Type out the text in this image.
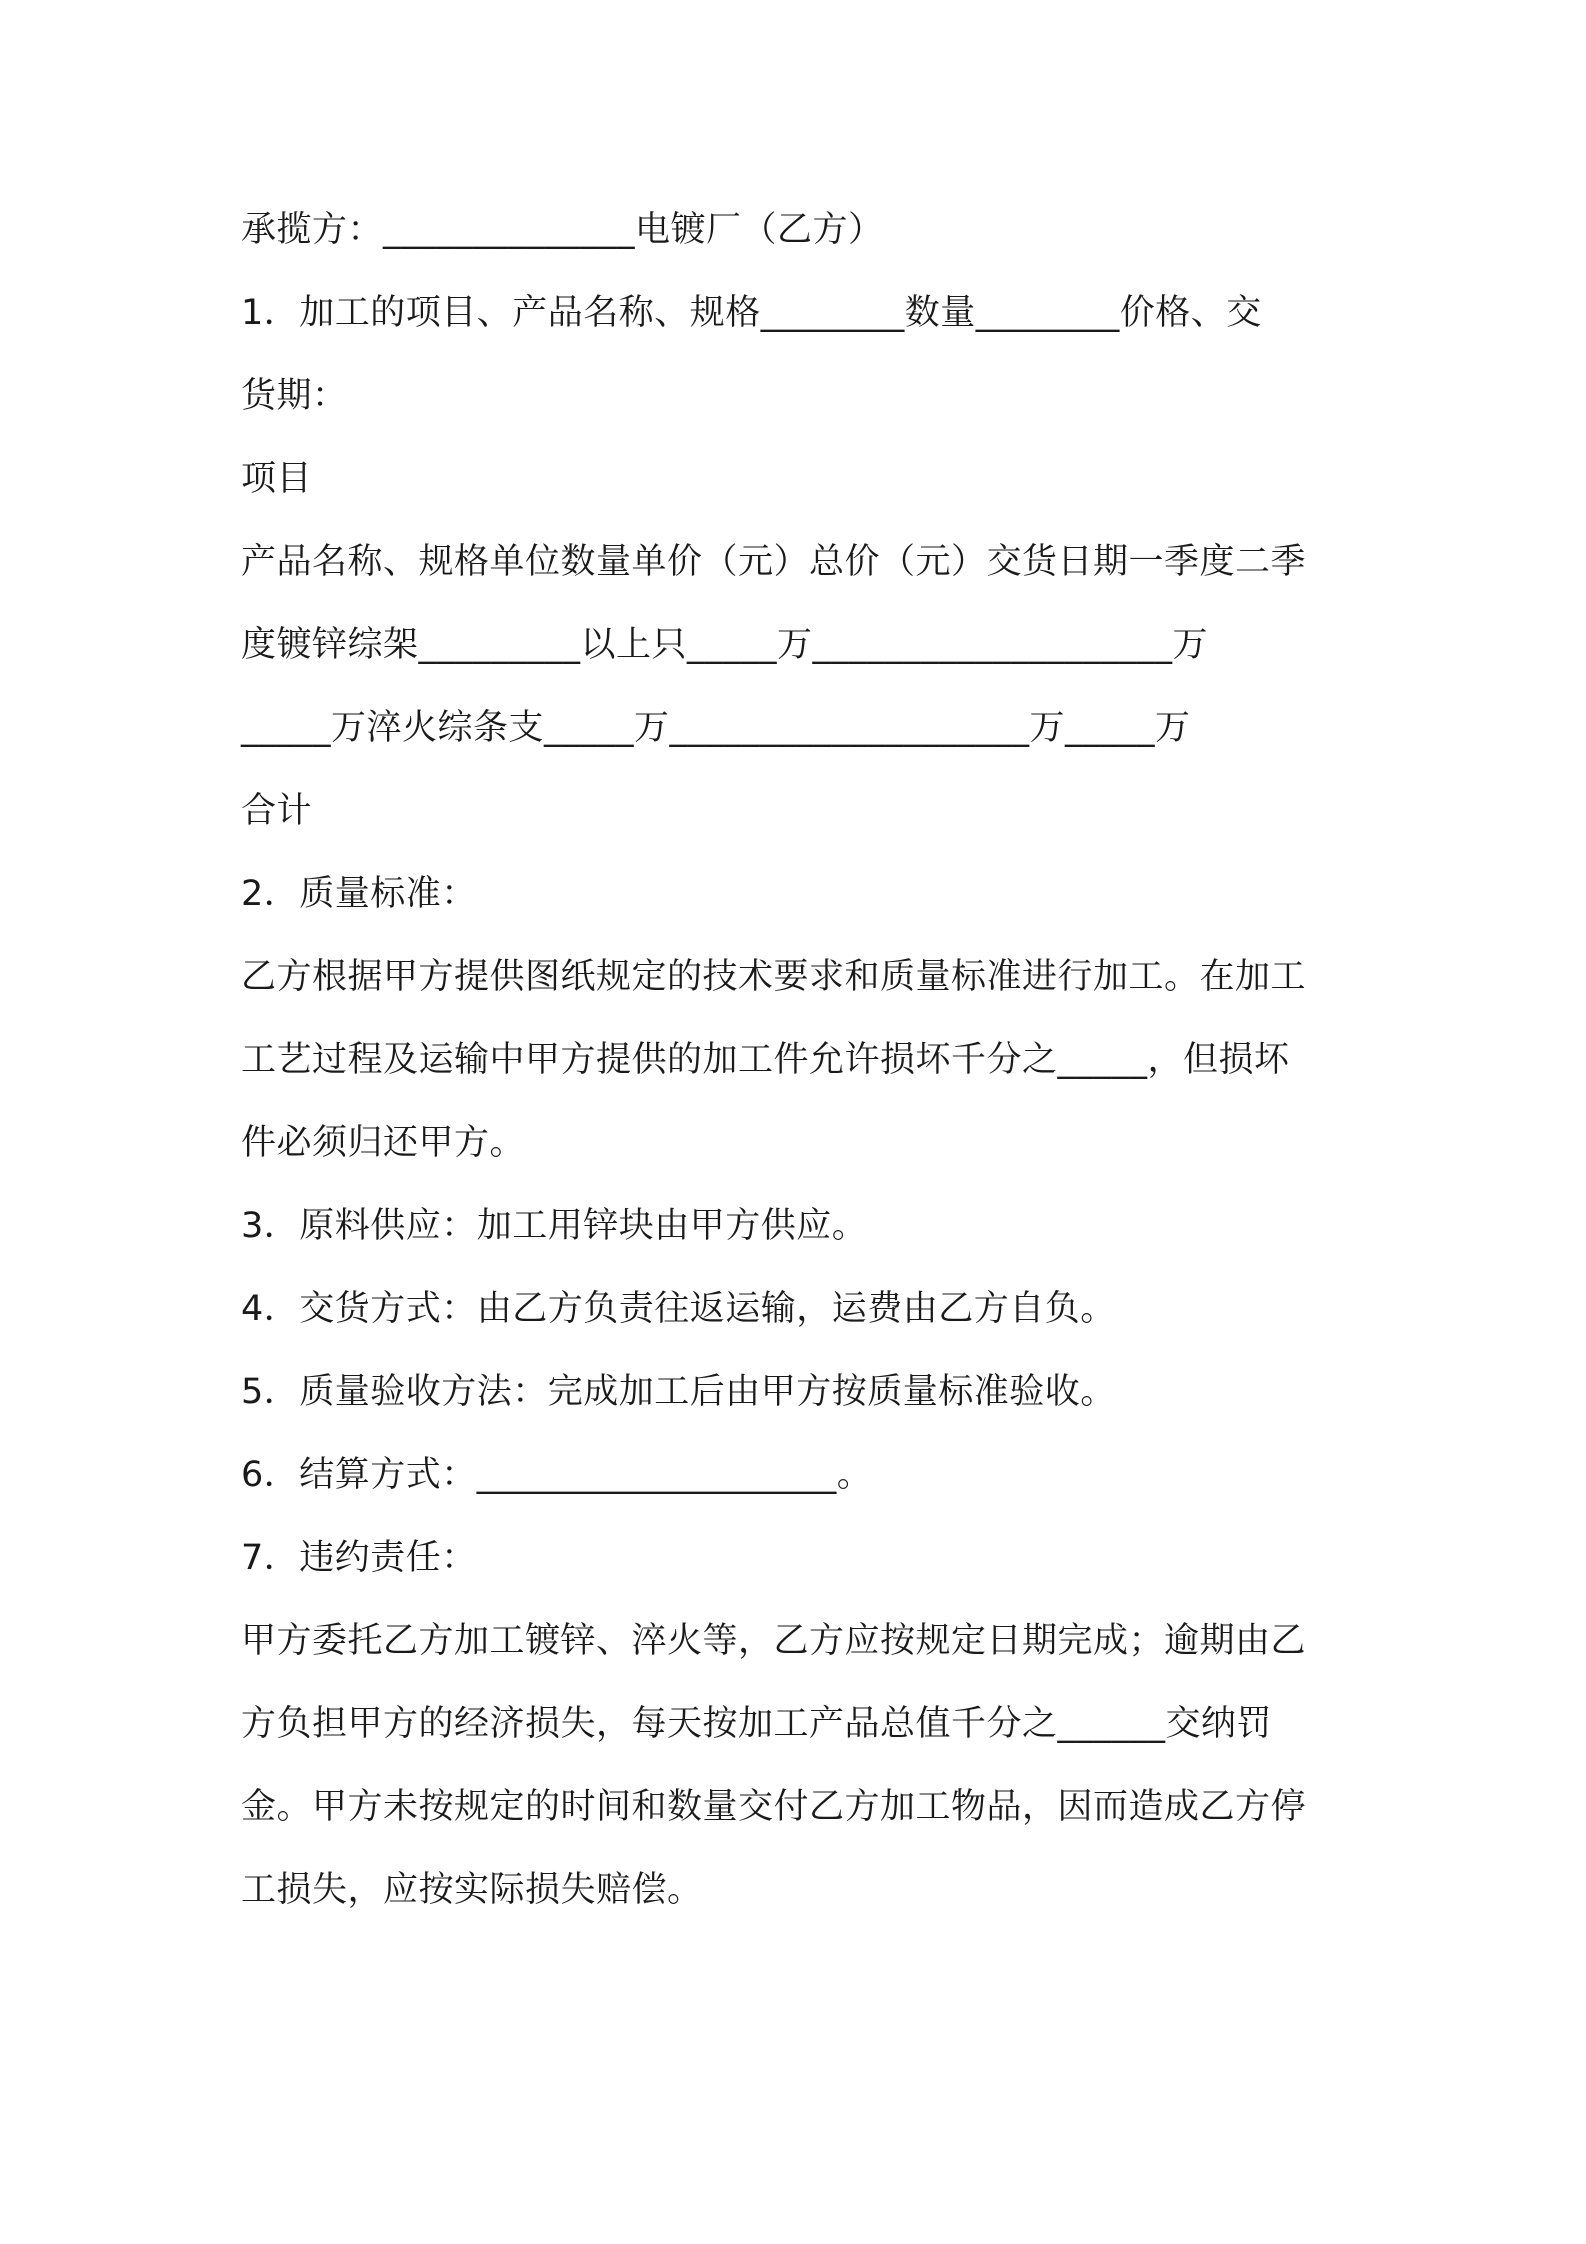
承揽方：______________电镀厂（乙方）
1．加工的项目、产品名称、规格________数量________价格、交
货期：
项目
产品名称、规格单位数量单价（元）总价（元）交货日期一季度二季
度镀锌综架_________以上只_____万____________________万
_____万淬火综条支_____万____________________万_____万
合计
2．质量标准：
乙方根据甲方提供图纸规定的技术要求和质量标准进行加工。在加工
工艺过程及运输中甲方提供的加工件允许损坏千分之_____，但损坏
件必须归还甲方。
3．原料供应：加工用锌块由甲方供应。
4．交货方式：由乙方负责往返运输，运费由乙方自负。
5．质量验收方法：完成加工后由甲方按质量标准验收。
6．结算方式：____________________。
7．违约责任：
甲方委托乙方加工镀锌、淬火等，乙方应按规定日期完成；逾期由乙
方负担甲方的经济损失，每天按加工产品总值千分之______交纳罚
金。甲方未按规定的时间和数量交付乙方加工物品，因而造成乙方停
工损失，应按实际损失赔偿。
